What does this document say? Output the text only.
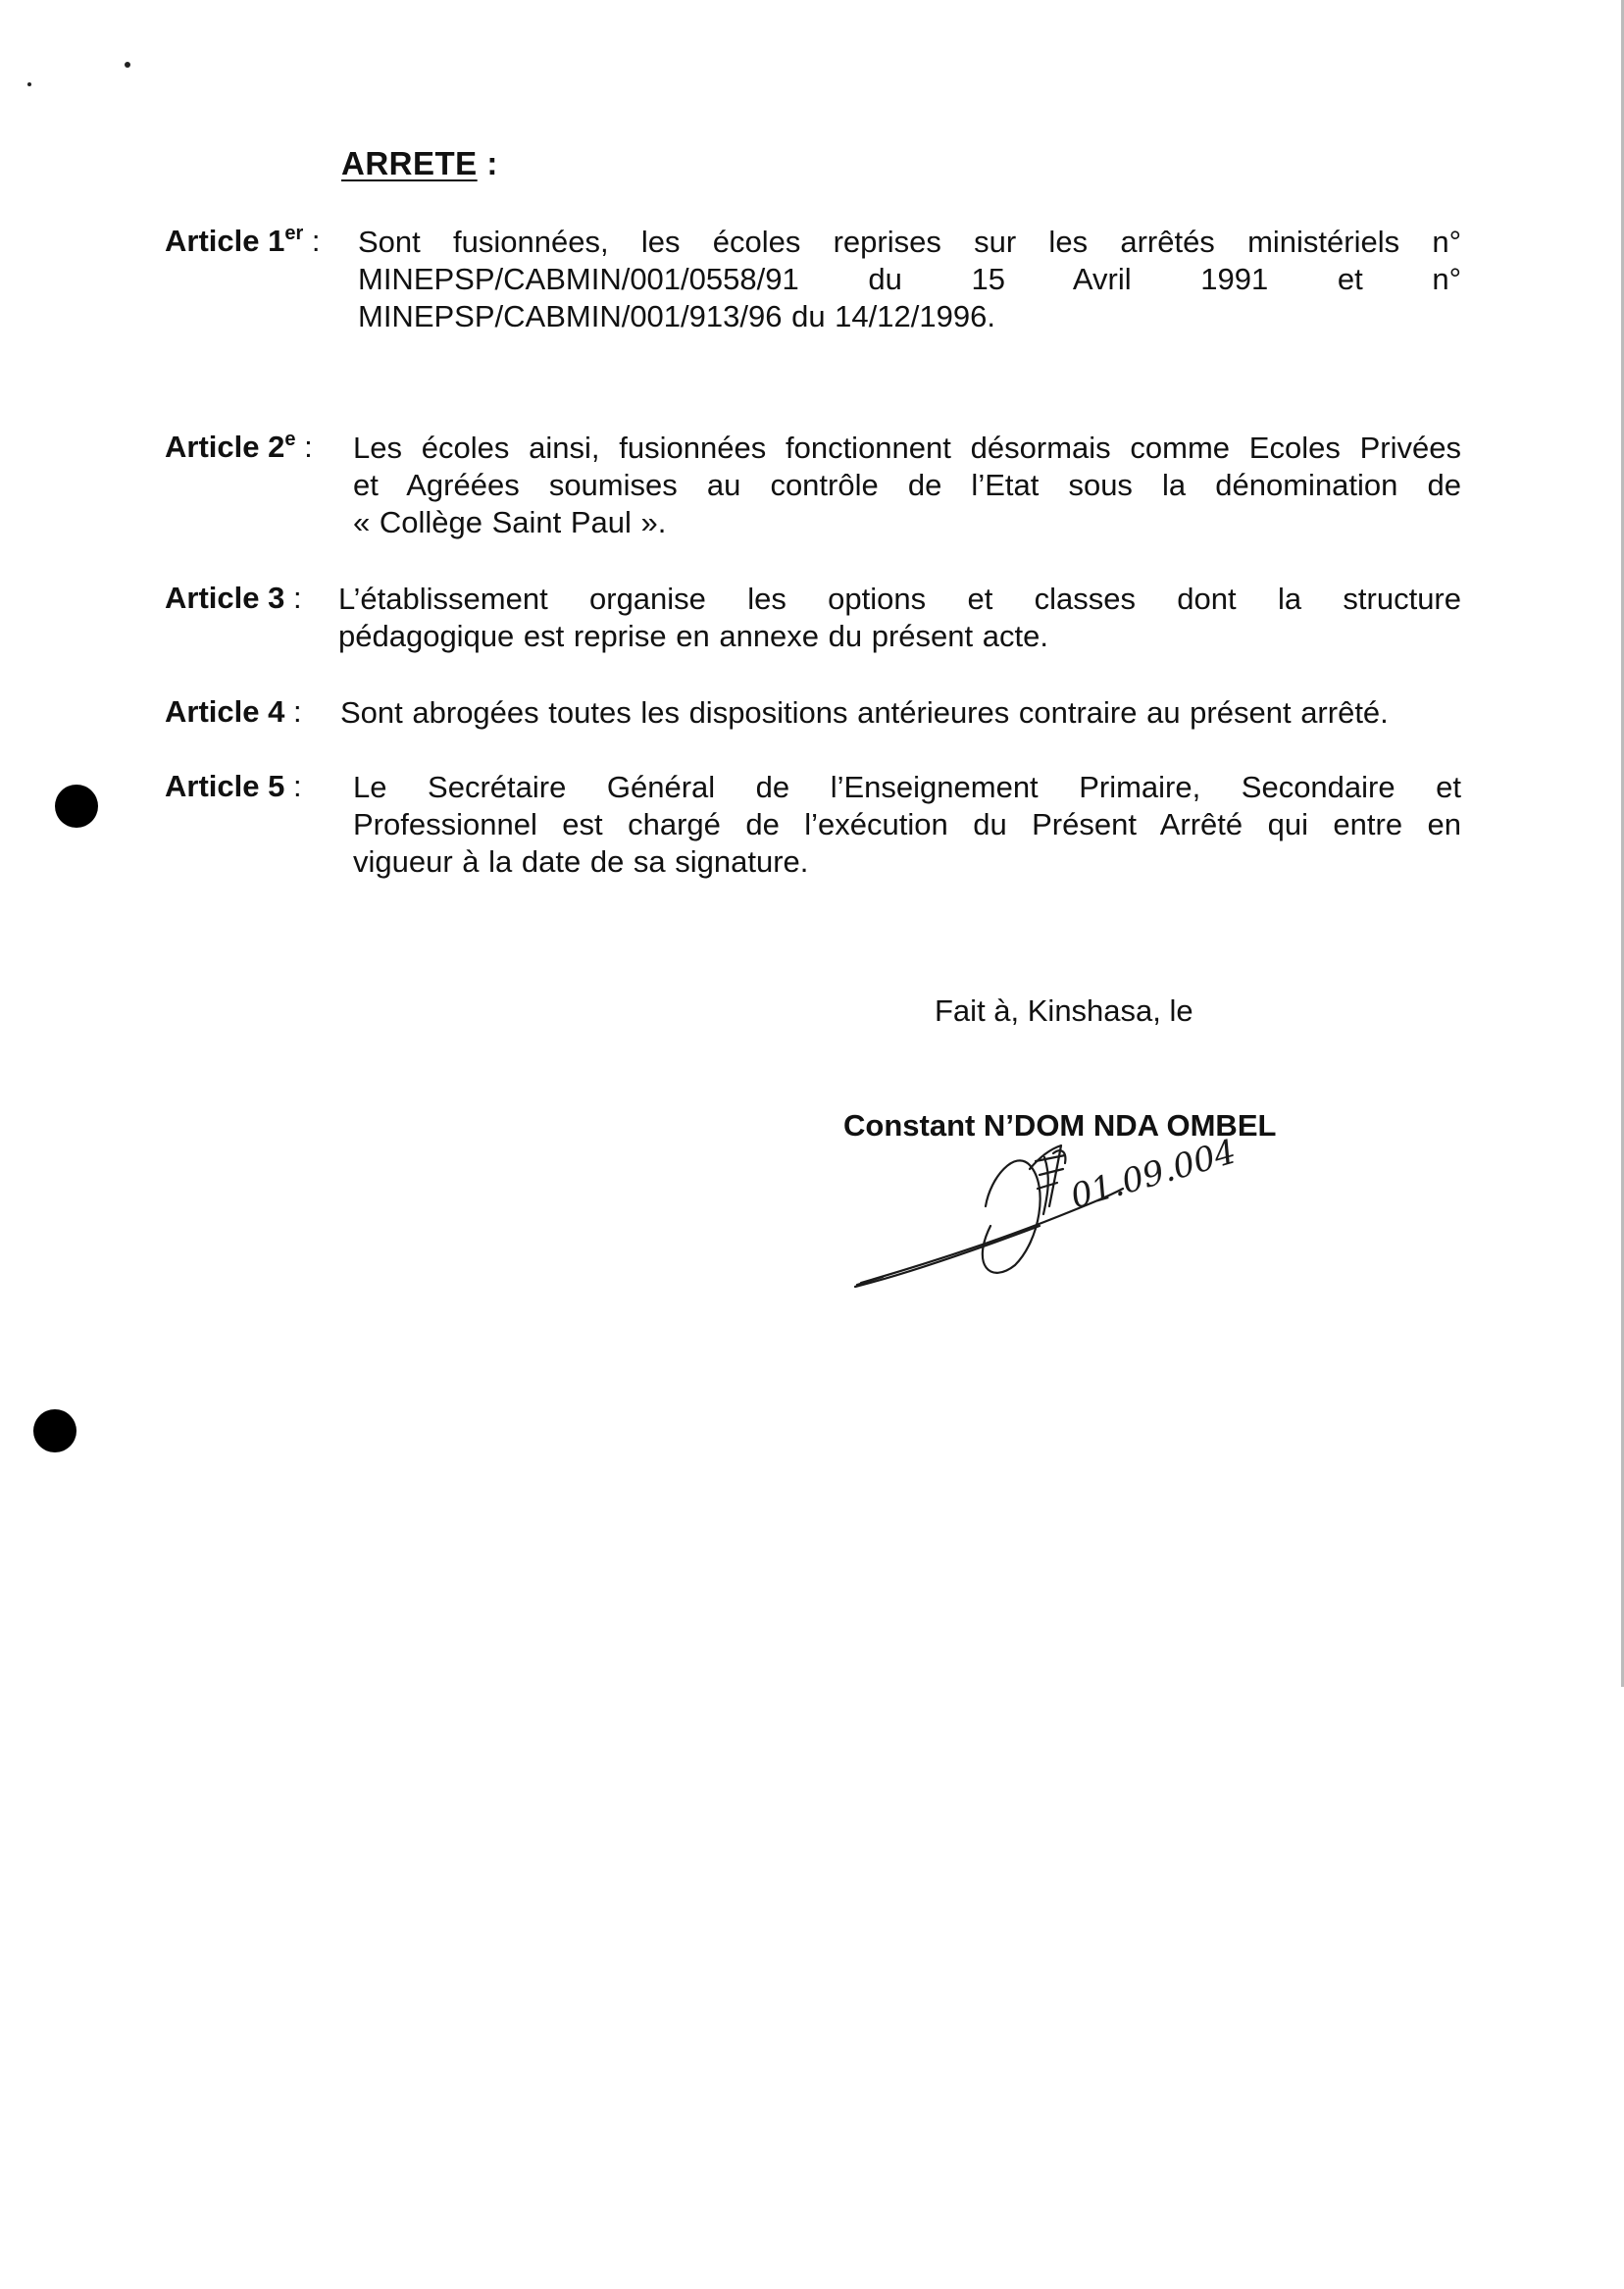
ARRETE :
Article 1er : Sont fusionnées, les écoles reprises sur les arrêtés ministériels n°
MINEPSP/CABMIN/001/0558/91 du 15 Avril 1991 et n°
MINEPSP/CABMIN/001/913/96 du 14/12/1996.
Article 2e : Les écoles ainsi, fusionnées fonctionnent désormais comme Ecoles Privées
et Agréées soumises au contrôle de l’Etat sous la dénomination de
« Collège Saint Paul ».
Article 3 : L’établissement organise les options et classes dont la structure
pédagogique est reprise en annexe du présent acte.
Article 4 : Sont abrogées toutes les dispositions antérieures contraire au présent arrêté.
Article 5 : Le Secrétaire Général de l’Enseignement Primaire, Secondaire et
Professionnel est chargé de l’exécution du Présent Arrêté qui entre en
vigueur à la date de sa signature.
Fait à, Kinshasa, le
Constant N’DOM NDA OMBEL
01.09.004
